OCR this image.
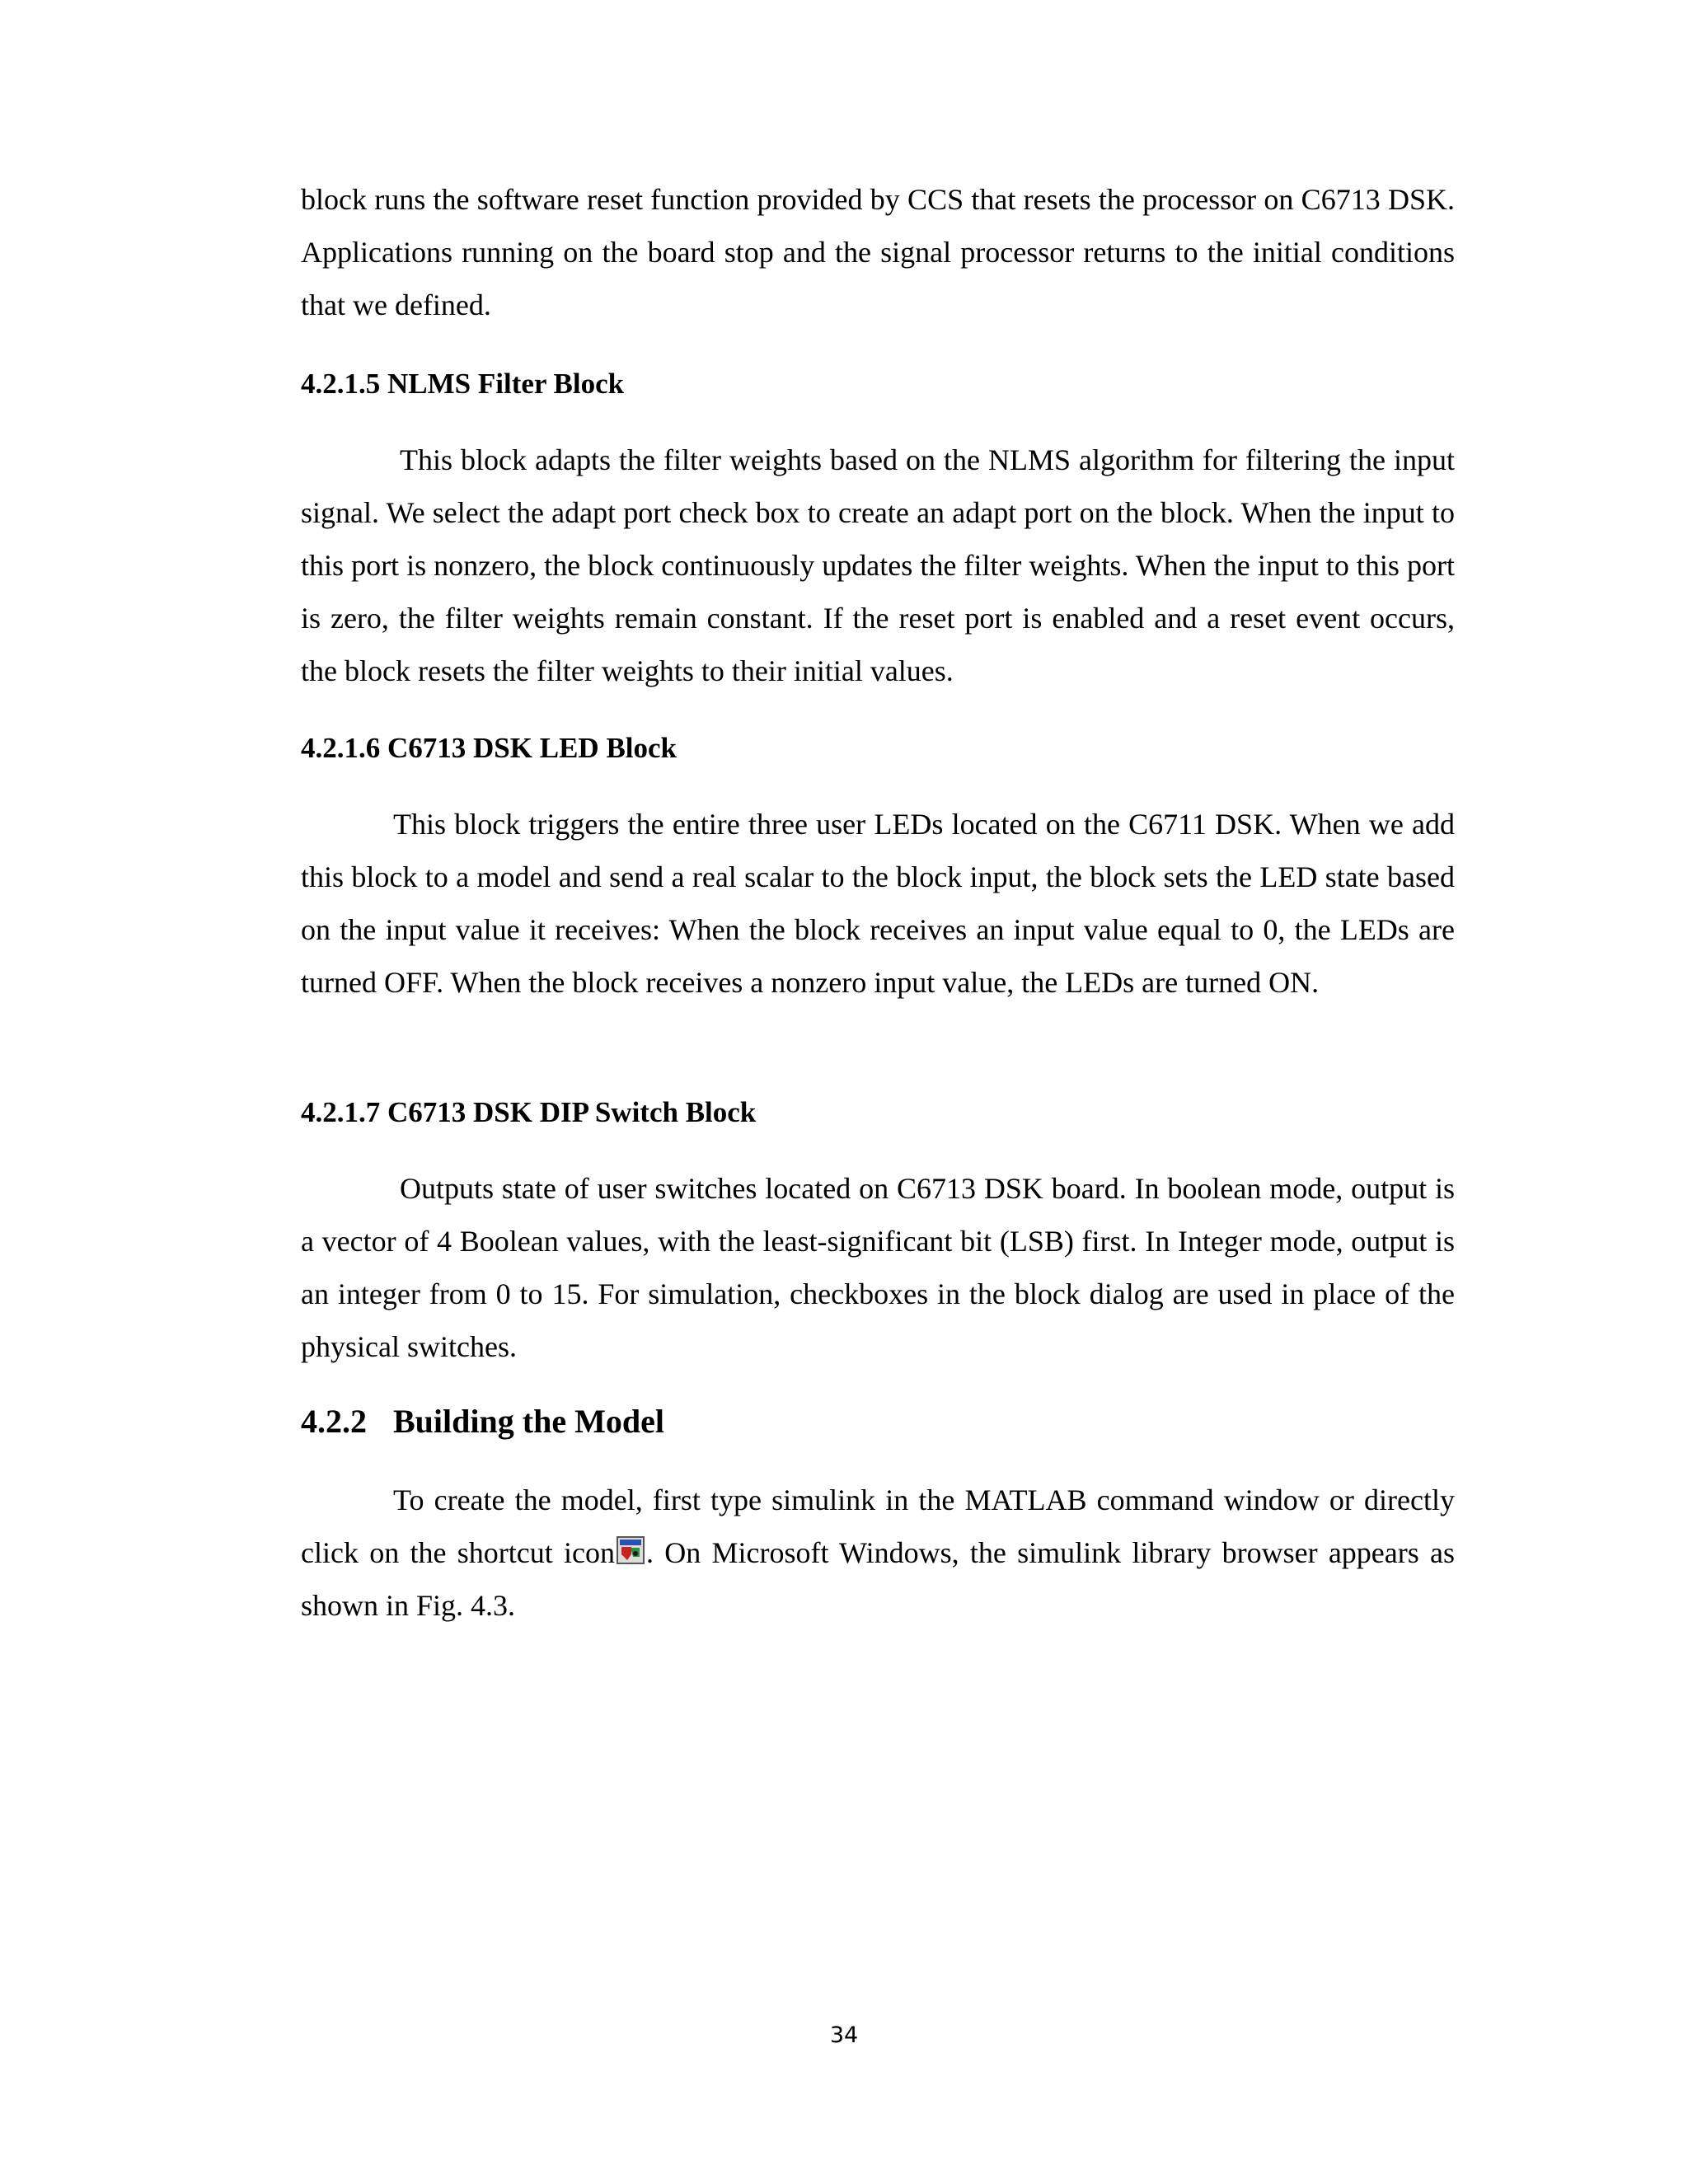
block runs the software reset function provided by CCS that resets the processor on C6713 DSK. Applications running on the board stop and the signal processor returns to the initial conditions that we defined.

4.2.1.5 NLMS Filter Block

This block adapts the filter weights based on the NLMS algorithm for filtering the input signal. We select the adapt port check box to create an adapt port on the block. When the input to this port is nonzero, the block continuously updates the filter weights. When the input to this port is zero, the filter weights remain constant. If the reset port is enabled and a reset event occurs, the block resets the filter weights to their initial values.

4.2.1.6 C6713 DSK LED Block

This block triggers the entire three user LEDs located on the C6711 DSK. When we add this block to a model and send a real scalar to the block input, the block sets the LED state based on the input value it receives: When the block receives an input value equal to 0, the LEDs are turned OFF. When the block receives a nonzero input value, the LEDs are turned ON.

4.2.1.7 C6713 DSK DIP Switch Block

Outputs state of user switches located on C6713 DSK board. In boolean mode, output is a vector of 4 Boolean values, with the least-significant bit (LSB) first. In Integer mode, output is an integer from 0 to 15. For simulation, checkboxes in the block dialog are used in place of the physical switches.

4.2.2 Building the Model

To create the model, first type simulink in the MATLAB command window or directly click on the shortcut icon . On Microsoft Windows, the simulink library browser appears as shown in Fig. 4.3.

34
